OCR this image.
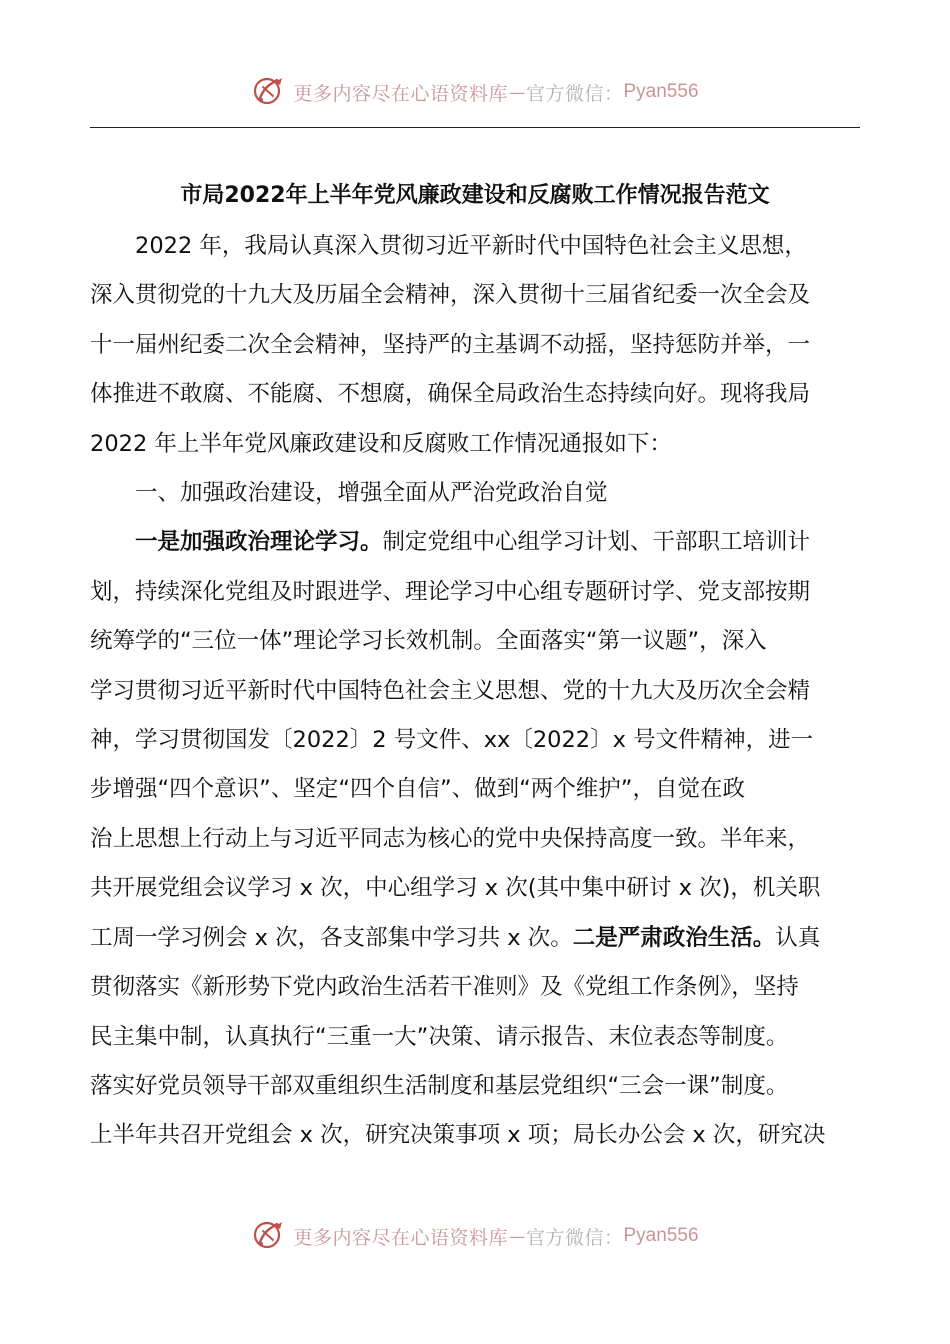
更多内容尽在心语资料库 — 官方微信： Pyan556
市局2022年上半年党风廉政建设和反腐败工作情况报告范文

2022 年，我局认真深入贯彻习近平新时代中国特色社会主义思想，
深入贯彻党的十九大及历届全会精神，深入贯彻十三届省纪委一次全会及
十一届州纪委二次全会精神，坚持严的主基调不动摇，坚持惩防并举，一
体推进不敢腐、不能腐、不想腐，确保全局政治生态持续向好。现将我局
2022 年上半年党风廉政建设和反腐败工作情况通报如下：

一、加强政治建设，增强全面从严治党政治自觉

一是加强政治理论学习。制定党组中心组学习计划、干部职工培训计
划，持续深化党组及时跟进学、理论学习中心组专题研讨学、党支部按期
统筹学的“三位一体”理论学习长效机制。全面落实“第一议题”，深入
学习贯彻习近平新时代中国特色社会主义思想、党的十九大及历次全会精
神，学习贯彻国发〔2022〕2 号文件、xx〔2022〕x 号文件精神，进一
步增强“四个意识”、坚定“四个自信”、做到“两个维护”，自觉在政
治上思想上行动上与习近平同志为核心的党中央保持高度一致。半年来，
共开展党组会议学习 x 次，中心组学习 x 次(其中集中研讨 x 次)，机关职
工周一学习例会 x 次，各支部集中学习共 x 次。二是严肃政治生活。认真
贯彻落实《新形势下党内政治生活若干准则》及《党组工作条例》，坚持
民主集中制，认真执行“三重一大”决策、请示报告、末位表态等制度。
落实好党员领导干部双重组织生活制度和基层党组织“三会一课”制度。
上半年共召开党组会 x 次，研究决策事项 x 项；局长办公会 x 次，研究决

更多内容尽在心语资料库 — 官方微信： Pyan556
